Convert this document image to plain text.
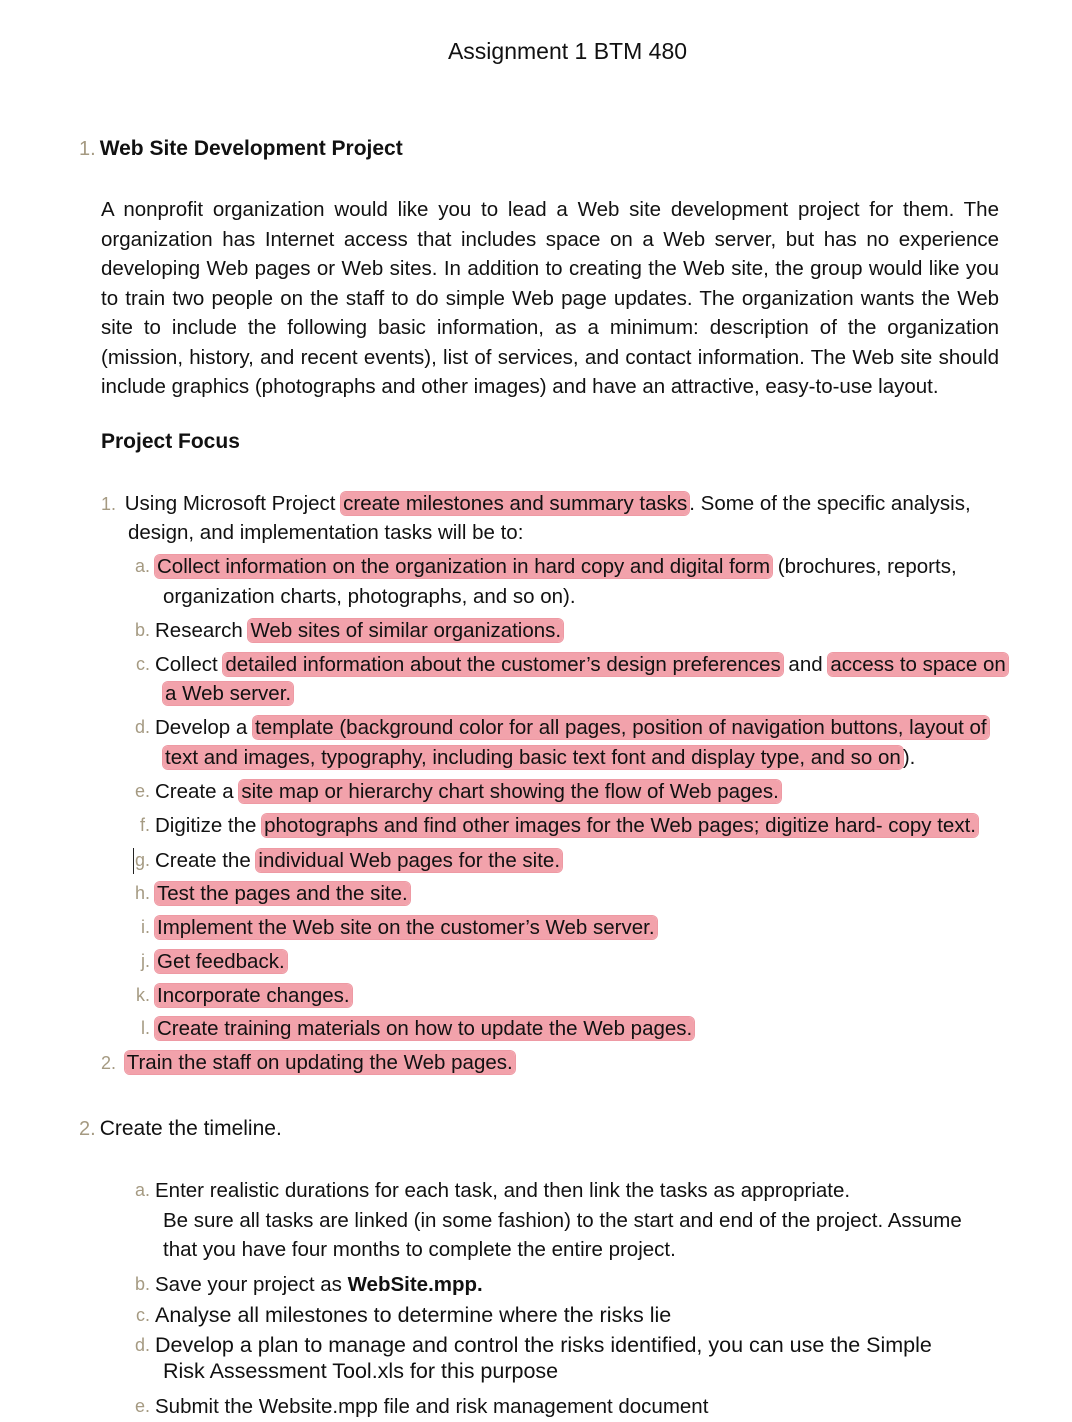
Assignment 1 BTM 480
1. Web Site Development Project
A nonprofit organization would like you to lead a Web site development project for them. The organization has Internet access that includes space on a Web server, but has no experience developing Web pages or Web sites. In addition to creating the Web site, the group would like you to train two people on the staff to do simple Web page updates. The organization wants the Web site to include the following basic information, as a minimum: description of the organization (mission, history, and recent events), list of services, and contact information. The Web site should include graphics (photographs and other images) and have an attractive, easy-to-use layout.
Project Focus
1. Using Microsoft Project create milestones and summary tasks. Some of the specific analysis,
design, and implementation tasks will be to:
a. Collect information on the organization in hard copy and digital form (brochures, reports,
organization charts, photographs, and so on).
b. Research Web sites of similar organizations.
c. Collect detailed information about the customer’s design preferences and access to space on
a Web server.
d. Develop a template (background color for all pages, position of navigation buttons, layout of
text and images, typography, including basic text font and display type, and so on).
e. Create a site map or hierarchy chart showing the flow of Web pages.
f. Digitize the photographs and find other images for the Web pages; digitize hard- copy text.
g. Create the individual Web pages for the site.
h. Test the pages and the site.
i. Implement the Web site on the customer’s Web server.
j. Get feedback.
k. Incorporate changes.
l. Create training materials on how to update the Web pages.
2. Train the staff on updating the Web pages.
2. Create the timeline.
a. Enter realistic durations for each task, and then link the tasks as appropriate.
Be sure all tasks are linked (in some fashion) to the start and end of the project. Assume
that you have four months to complete the entire project.
b. Save your project as WebSite.mpp.
c. Analyse all milestones to determine where the risks lie
d. Develop a plan to manage and control the risks identified, you can use the Simple
Risk Assessment Tool.xls for this purpose
e. Submit the Website.mpp file and risk management document
